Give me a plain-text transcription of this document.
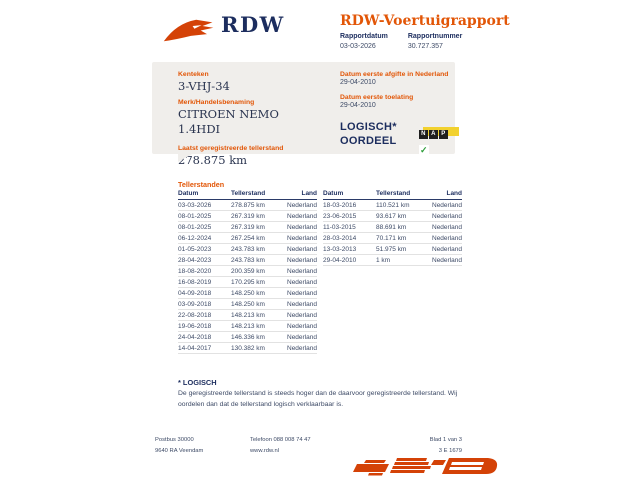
RDW	RDW-Voertuigrapport
Rapportdatum
03-03-2026
Rapportnummer
30.727.357
Kenteken
3-VHJ-34
Merk/Handelsbenaming
CITROEN NEMO
1.4HDI
Laatst geregistreerde tellerstand
278.875 km
Datum eerste afgifte in Nederland
29-04-2010
Datum eerste toelating
29-04-2010
LOGISCH*
OORDEEL
N A P✓
Tellerstanden
Datum	Tellerstand	Land
03-03-2026	278.875 km	Nederland
08-01-2025	267.319 km	Nederland
08-01-2025	267.319 km	Nederland
06-12-2024	267.254 km	Nederland
01-05-2023	243.783 km	Nederland
28-04-2023	243.783 km	Nederland
18-08-2020	200.359 km	Nederland
16-08-2019	170.295 km	Nederland
04-09-2018	148.250 km	Nederland
03-09-2018	148.250 km	Nederland
22-08-2018	148.213 km	Nederland
19-06-2018	148.213 km	Nederland
24-04-2018	146.336 km	Nederland
14-04-2017	130.382 km	Nederland
Datum	Tellerstand	Land
18-03-2016	110.521 km	Nederland
23-06-2015	93.617 km	Nederland
11-03-2015	88.691 km	Nederland
28-03-2014	70.171 km	Nederland
13-03-2013	51.975 km	Nederland
29-04-2010	1 km	Nederland
* LOGISCH
De geregistreerde tellerstand is steeds hoger dan de daarvoor geregistreerde tellerstand. Wij oordelen dan dat de tellerstand logisch verklaarbaar is.
Postbus 30000
9640 RA Veendam
Telefoon 088 008 74 47
www.rdw.nl
Blad 1 van 3
3 E 1679
